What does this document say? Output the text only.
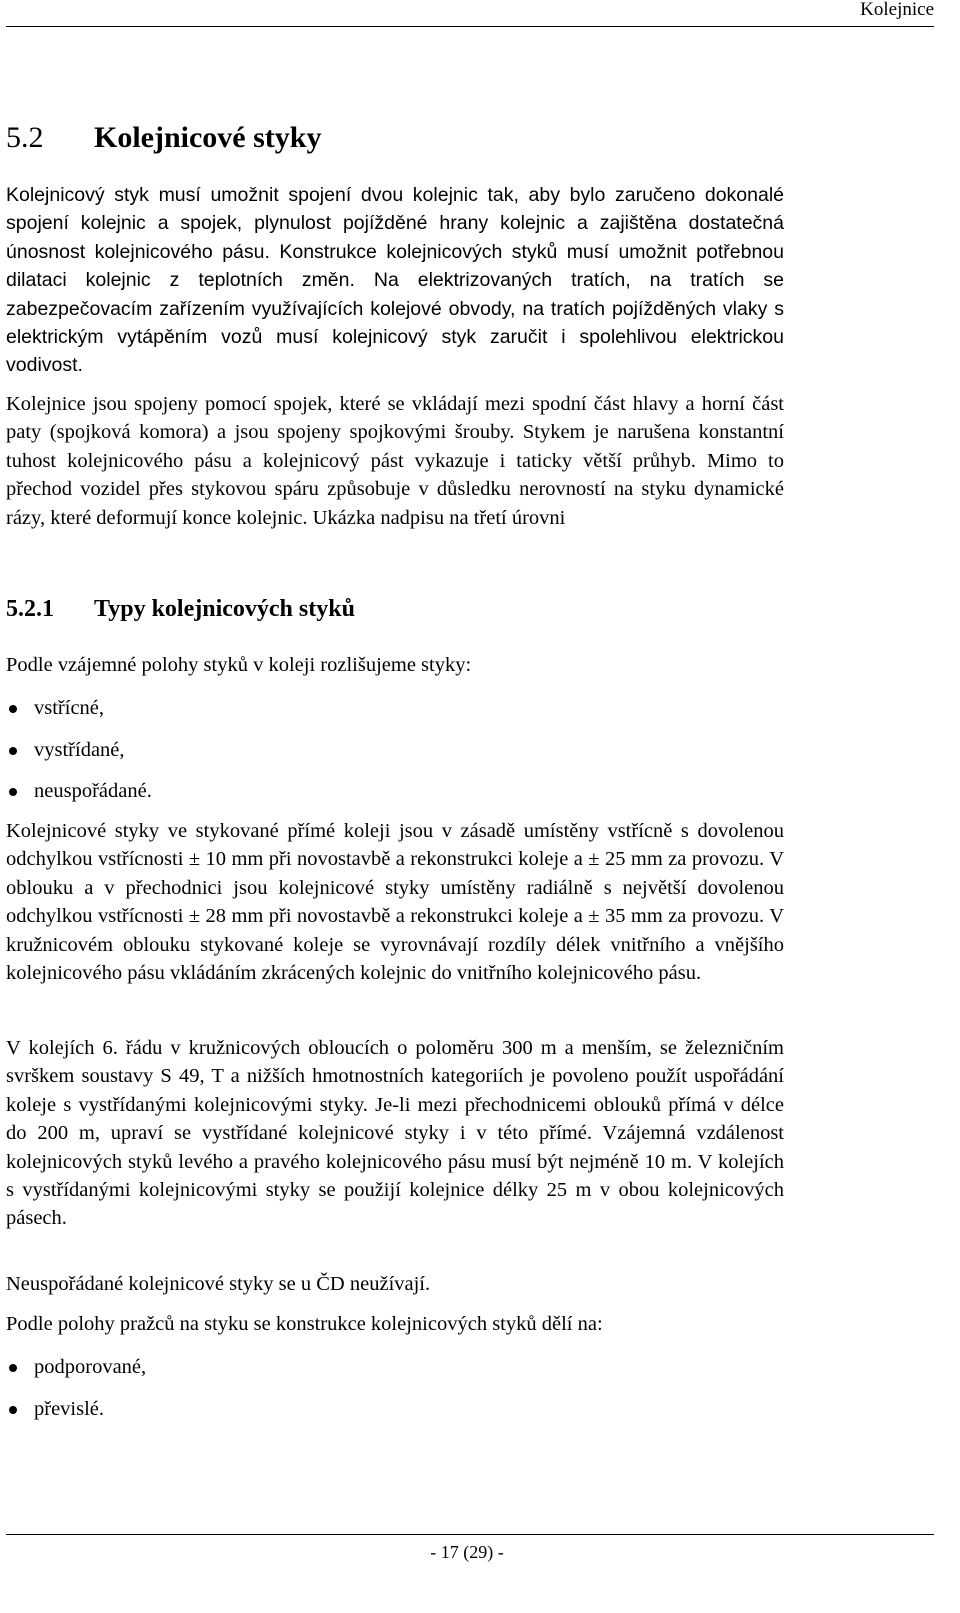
Kolejnice
5.2 Kolejnicové styky

Kolejnicový styk musí umožnit spojení dvou kolejnic tak, aby bylo zaručeno dokonalé spojení kolejnic a spojek, plynulost pojížděné hrany kolejnic a zajištěna dostatečná únosnost kolejnicového pásu. Konstrukce kolejnicových styků musí umožnit potřebnou dilataci kolejnic z teplotních změn. Na elektrizovaných tratích, na tratích se zabezpečovacím zařízením využívajících kolejové obvody, na tratích pojížděných vlaky s elektrickým vytápěním vozů musí kolejnicový styk zaručit i spolehlivou elektrickou vodivost.

Kolejnice jsou spojeny pomocí spojek, které se vkládají mezi spodní část hlavy a horní část paty (spojková komora) a jsou spojeny spojkovými šrouby. Stykem je narušena konstantní tuhost kolejnicového pásu a kolejnicový pást vykazuje i taticky větší průhyb. Mimo to přechod vozidel přes stykovou spáru způsobuje v důsledku nerovností na styku dynamické rázy, které deformují konce kolejnic. Ukázka nadpisu na třetí úrovni

5.2.1 Typy kolejnicových styků

Podle vzájemné polohy styků v koleji rozlišujeme styky:

vstřícné,
vystřídané,
neuspořádané.

Kolejnicové styky ve stykované přímé koleji jsou v zásadě umístěny vstřícně s dovolenou odchylkou vstřícnosti ± 10 mm při novostavbě a rekonstrukci koleje a ± 25 mm za provozu. V oblouku a v přechodnici jsou kolejnicové styky umístěny radiálně s největší dovolenou odchylkou vstřícnosti ± 28 mm při novostavbě a rekonstrukci koleje a ± 35 mm za provozu. V kružnicovém oblouku stykované koleje se vyrovnávají rozdíly délek vnitřního a vnějšího kolejnicového pásu vkládáním zkrácených kolejnic do vnitřního kolejnicového pásu.

V kolejích 6. řádu v kružnicových obloucích o poloměru 300 m a menším, se železničním svrškem soustavy S 49, T a nižších hmotnostních kategoriích je povoleno použít uspořádání koleje s vystřídanými kolejnicovými styky. Je-li mezi přechodnicemi oblouků přímá v délce do 200 m, upraví se vystřídané kolejnicové styky i v této přímé. Vzájemná vzdálenost kolejnicových styků levého a pravého kolejnicového pásu musí být nejméně 10 m. V kolejích s vystřídanými kolejnicovými styky se použijí kolejnice délky 25 m v obou kolejnicových pásech.

Neuspořádané kolejnicové styky se u ČD neužívají.

Podle polohy pražců na styku se konstrukce kolejnicových styků dělí na:

podporované,
převislé.
- 17 (29) -
